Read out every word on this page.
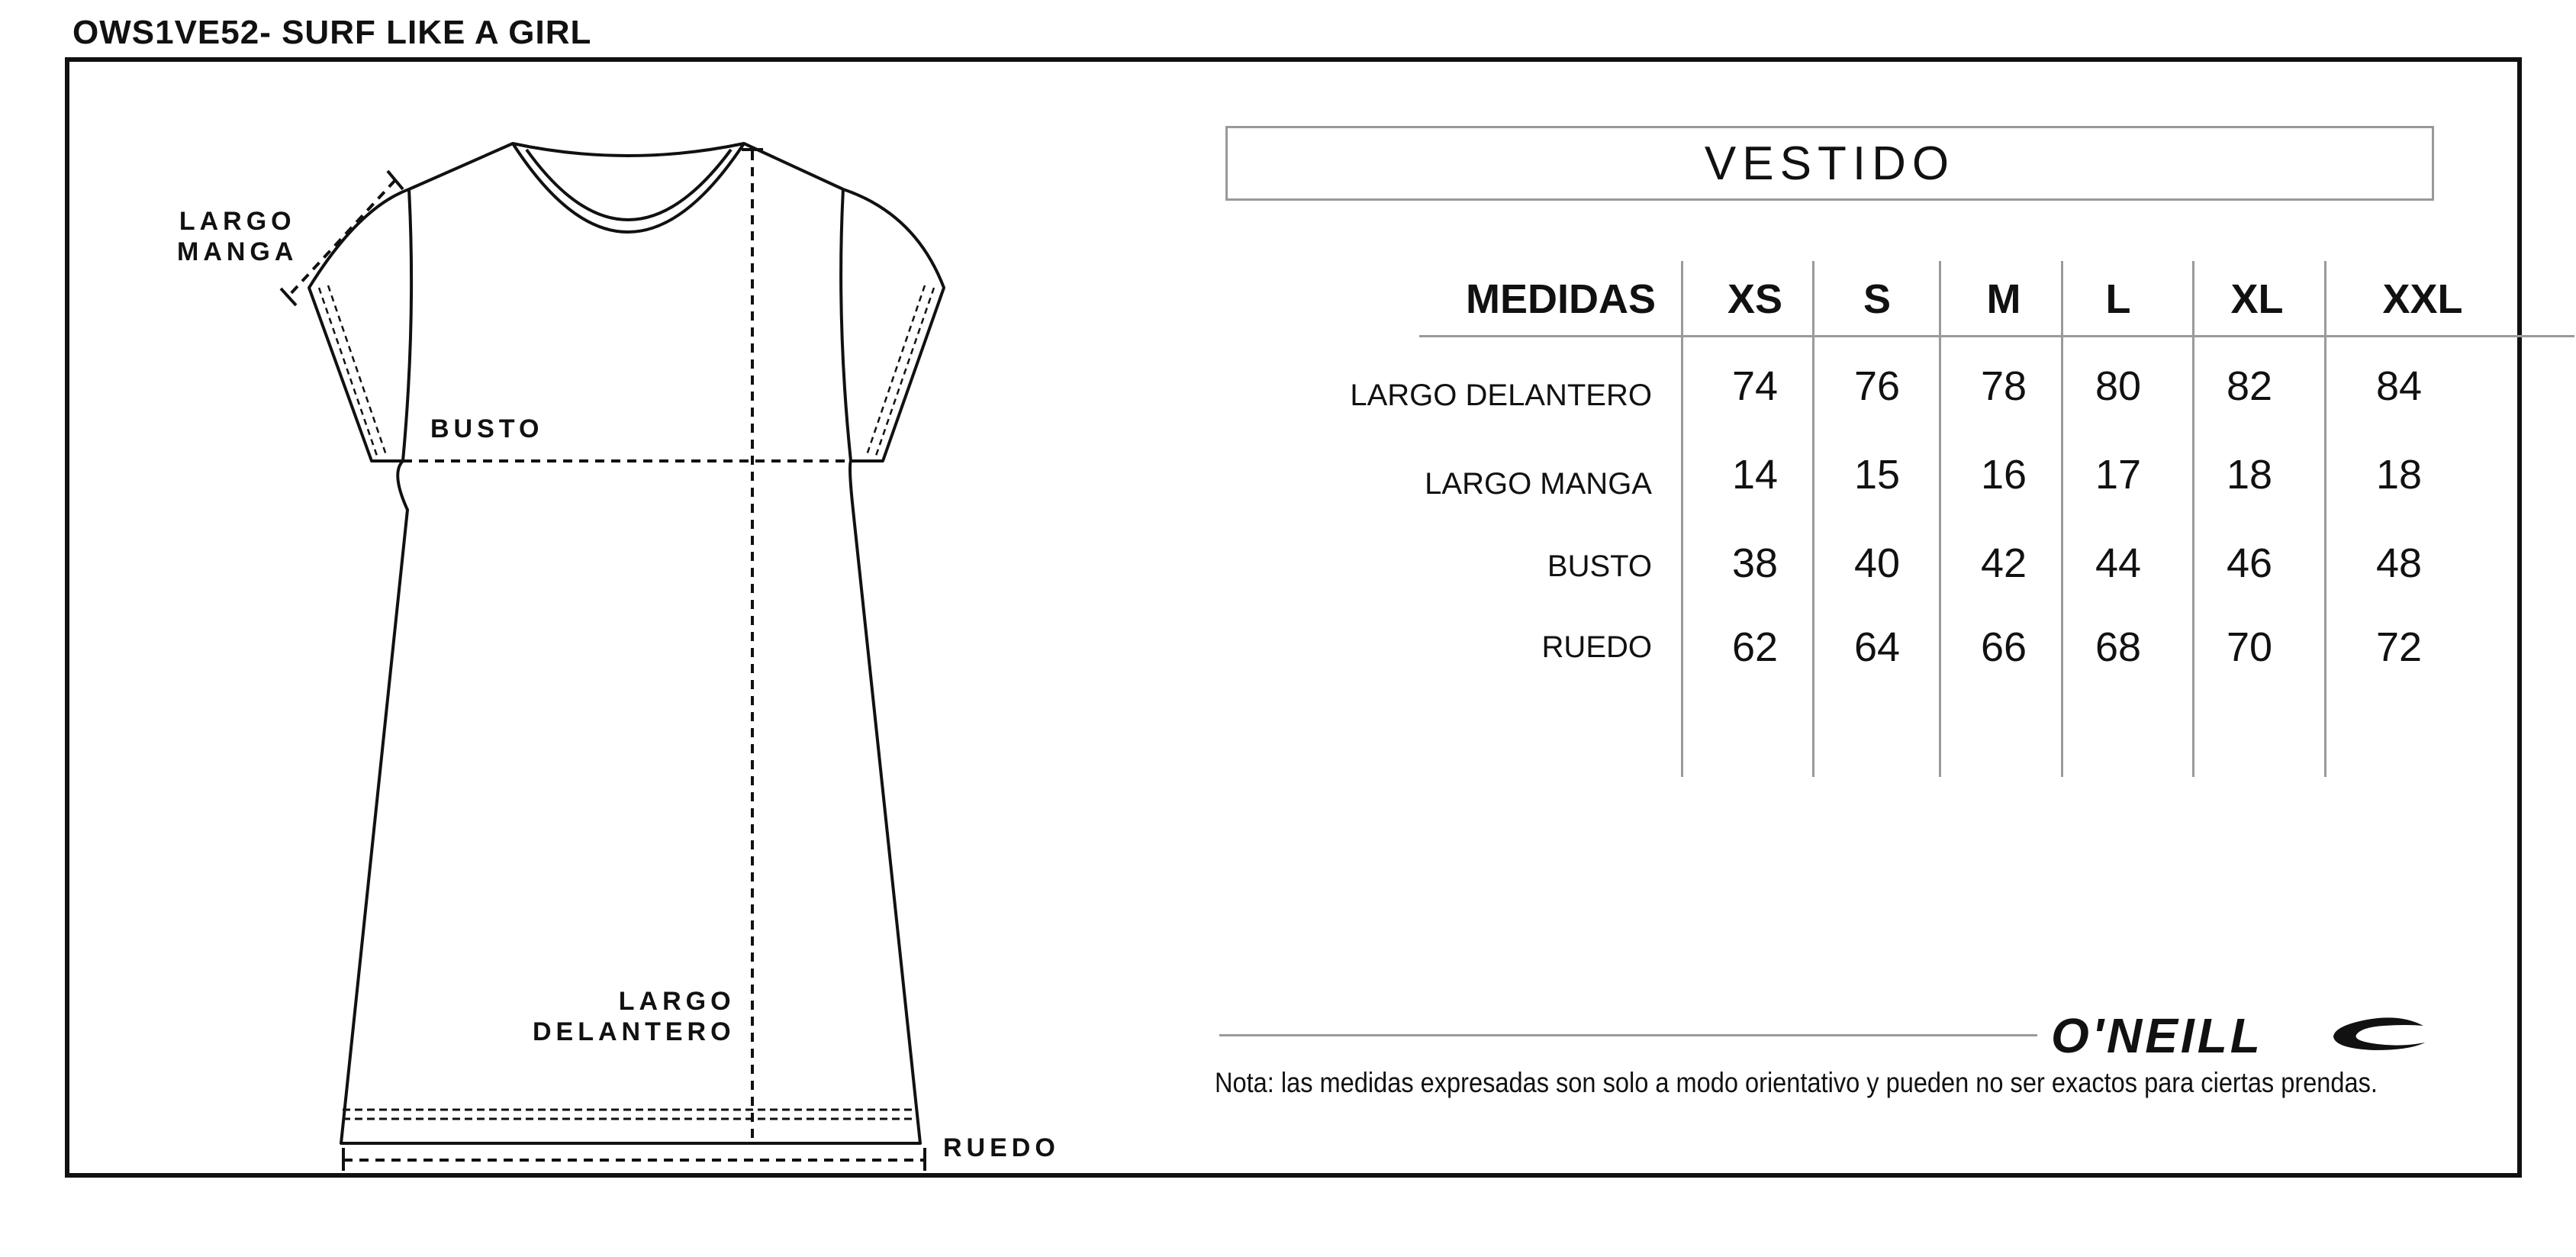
OWS1VE52- SURF LIKE A GIRL
LARGO
MANGA
BUSTO
LARGO
DELANTERO
RUEDO
VESTIDO
MEDIDAS	XS	S	M	L	XL	XXL
LARGO DELANTERO	74	76	78	80	82	84
LARGO MANGA	14	15	16	17	18	18
BUSTO	38	40	42	44	46	48
RUEDO	62	64	66	68	70	72
O'NEILL
Nota: las medidas expresadas son solo a modo orientativo y pueden no ser exactos para ciertas prendas.
